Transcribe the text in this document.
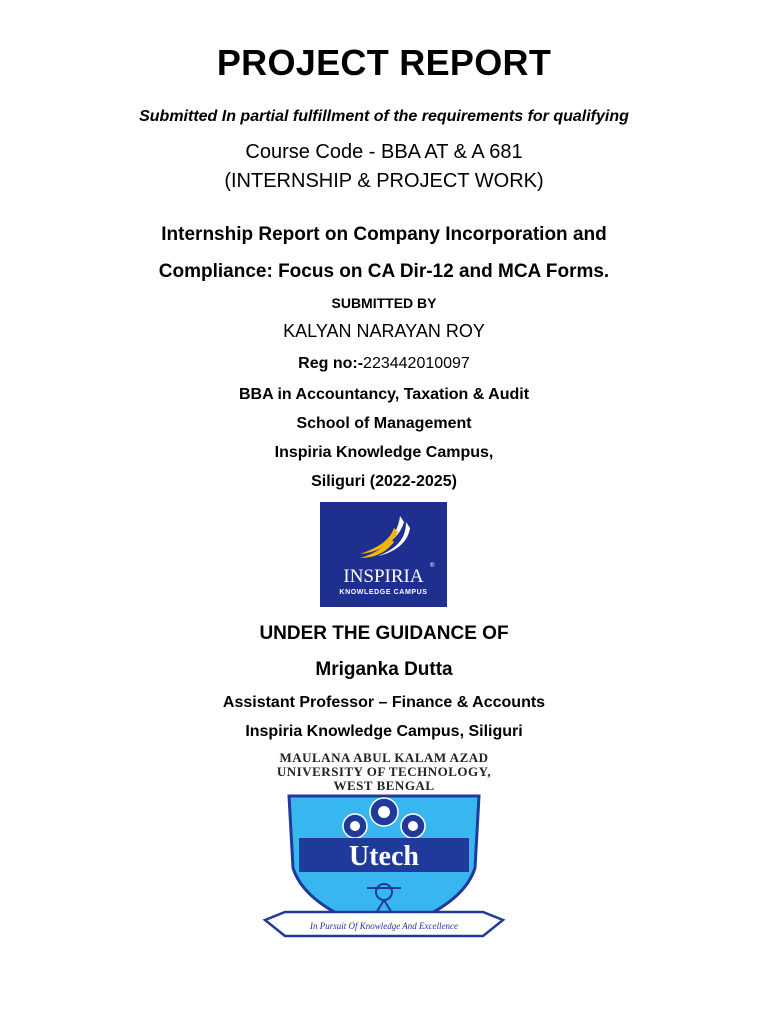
PROJECT REPORT
Submitted In partial fulfillment of the requirements for qualifying
Course Code - BBA AT & A 681
(INTERNSHIP & PROJECT WORK)
Internship Report on Company Incorporation and
Compliance: Focus on CA Dir-12 and MCA Forms.
SUBMITTED BY
KALYAN NARAYAN ROY
Reg no:-223442010097
BBA in Accountancy, Taxation & Audit
School of Management
Inspiria Knowledge Campus,
Siliguri (2022-2025)
INSPIRIA ®
KNOWLEDGE CAMPUS
UNDER THE GUIDANCE OF
Mriganka Dutta
Assistant Professor – Finance & Accounts
Inspiria Knowledge Campus, Siliguri
MAULANA ABUL KALAM AZAD
UNIVERSITY OF TECHNOLOGY,
WEST BENGAL
Utech
In Pursuit Of Knowledge And Excellence
